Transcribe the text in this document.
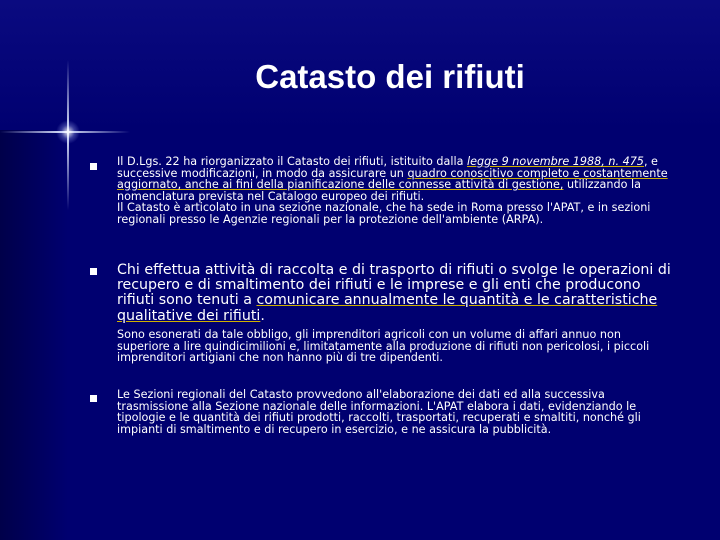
Catasto dei rifiuti
Il D.Lgs. 22 ha riorganizzato il Catasto dei rifiuti, istituito dalla legge 9 novembre 1988, n. 475, e successive modificazioni, in modo da assicurare un quadro conoscitivo completo e costantemente aggiornato, anche ai fini della pianificazione delle connesse attività di gestione, utilizzando la nomenclatura prevista nel Catalogo europeo dei rifiuti.
Il Catasto è articolato in una sezione nazionale, che ha sede in Roma presso l'APAT, e in sezioni regionali presso le Agenzie regionali per la protezione dell'ambiente (ARPA).
Chi effettua attività di raccolta e di trasporto di rifiuti o svolge le operazioni di recupero e di smaltimento dei rifiuti e le imprese e gli enti che producono rifiuti sono tenuti a comunicare annualmente le quantità e le caratteristiche qualitative dei rifiuti.
Sono esonerati da tale obbligo, gli imprenditori agricoli con un volume di affari annuo non superiore a lire quindicimilioni e, limitatamente alla produzione di rifiuti non pericolosi, i piccoli imprenditori artigiani che non hanno più di tre dipendenti.
Le Sezioni regionali del Catasto provvedono all'elaborazione dei dati ed alla successiva trasmissione alla Sezione nazionale delle informazioni. L'APAT elabora i dati, evidenziando le tipologie e le quantità dei rifiuti prodotti, raccolti, trasportati, recuperati e smaltiti, nonché gli impianti di smaltimento e di recupero in esercizio, e ne assicura la pubblicità.
